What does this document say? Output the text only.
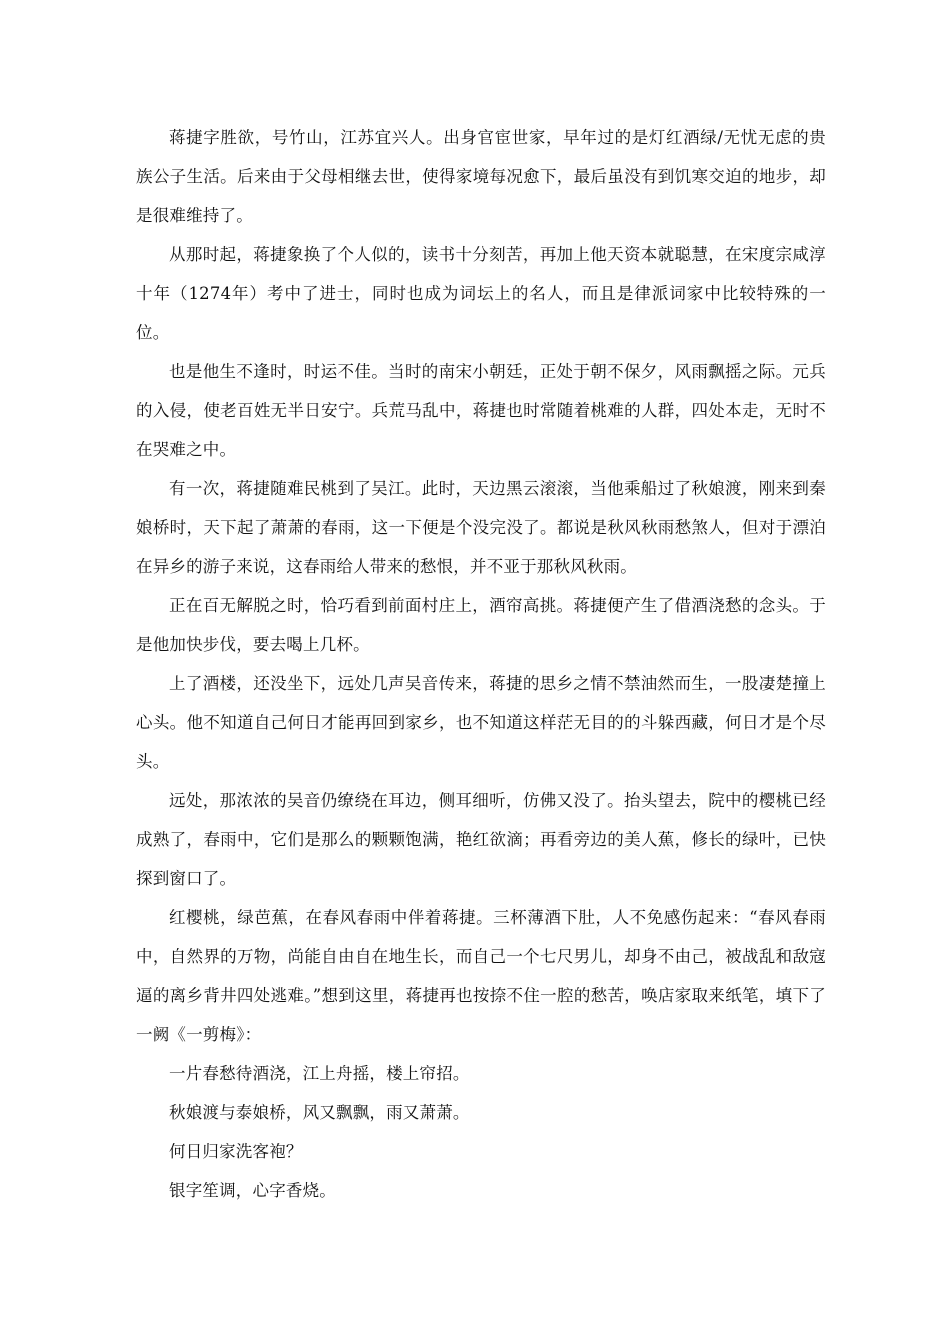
蒋捷字胜欲，号竹山，江苏宜兴人。出身官宦世家，早年过的是灯红酒绿/无忧无虑的贵族公子生活。后来由于父母相继去世，使得家境每况愈下，最后虽没有到饥寒交迫的地步，却是很难维持了。

从那时起，蒋捷象换了个人似的，读书十分刻苦，再加上他天资本就聪慧，在宋度宗咸淳十年（1274年）考中了进士，同时也成为词坛上的名人，而且是律派词家中比较特殊的一位。

也是他生不逢时，时运不佳。当时的南宋小朝廷，正处于朝不保夕，风雨飘摇之际。元兵的入侵，使老百姓无半日安宁。兵荒马乱中，蒋捷也时常随着桃难的人群，四处本走，无时不在哭难之中。

有一次，蒋捷随难民桃到了吴江。此时，天边黑云滚滚，当他乘船过了秋娘渡，刚来到秦娘桥时，天下起了萧萧的春雨，这一下便是个没完没了。都说是秋风秋雨愁煞人，但对于漂泊在异乡的游子来说，这春雨给人带来的愁恨，并不亚于那秋风秋雨。

正在百无解脱之时，恰巧看到前面村庄上，酒帘高挑。蒋捷便产生了借酒浇愁的念头。于是他加快步伐，要去喝上几杯。

上了酒楼，还没坐下，远处几声吴音传来，蒋捷的思乡之情不禁油然而生，一股凄楚撞上心头。他不知道自己何日才能再回到家乡，也不知道这样茫无目的的斗躲西藏，何日才是个尽头。

远处，那浓浓的吴音仍缭绕在耳边，侧耳细听，仿佛又没了。抬头望去，院中的樱桃已经成熟了，春雨中，它们是那么的颗颗饱满，艳红欲滴；再看旁边的美人蕉，修长的绿叶，已快探到窗口了。

红樱桃，绿芭蕉，在春风春雨中伴着蒋捷。三杯薄酒下肚，人不免感伤起来：“春风春雨中，自然界的万物，尚能自由自在地生长，而自己一个七尺男儿，却身不由己，被战乱和敌寇逼的离乡背井四处逃难。”想到这里，蒋捷再也按捺不住一腔的愁苦，唤店家取来纸笔，填下了一阙《一剪梅》：

一片春愁待酒浇，江上舟摇，楼上帘招。

秋娘渡与泰娘桥，风又飘飘，雨又萧萧。

何日归家洗客袍？

银字笙调，心字香烧。
